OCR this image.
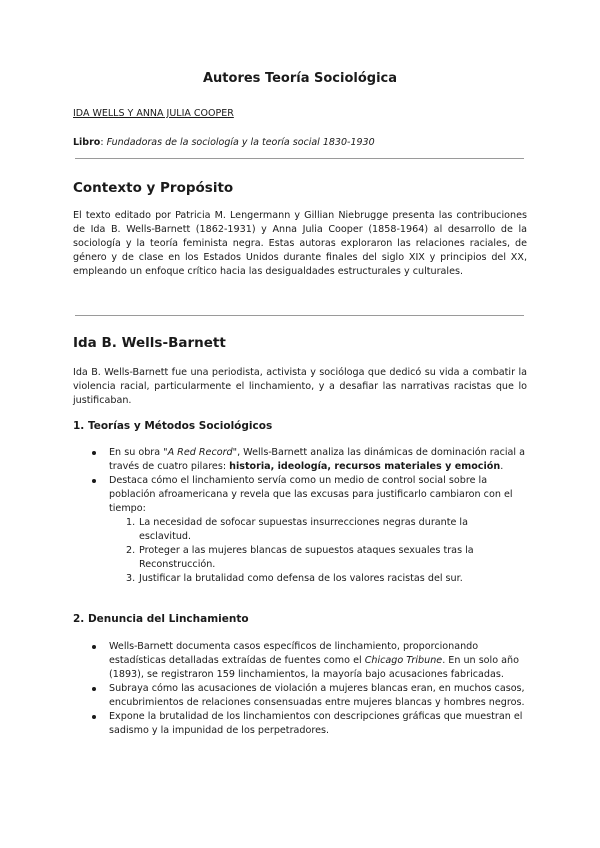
Autores Teoría Sociológica

IDA WELLS Y ANNA JULIA COOPER

Libro: Fundadoras de la sociología y la teoría social 1830-1930

Contexto y Propósito

El texto editado por Patricia M. Lengermann y Gillian Niebrugge presenta las contribuciones de Ida B. Wells-Barnett (1862-1931) y Anna Julia Cooper (1858-1964) al desarrollo de la sociología y la teoría feminista negra. Estas autoras exploraron las relaciones raciales, de género y de clase en los Estados Unidos durante finales del siglo XIX y principios del XX, empleando un enfoque crítico hacia las desigualdades estructurales y culturales.

Ida B. Wells-Barnett

Ida B. Wells-Barnett fue una periodista, activista y socióloga que dedicó su vida a combatir la violencia racial, particularmente el linchamiento, y a desafiar las narrativas racistas que lo justificaban.

1. Teorías y Métodos Sociológicos
En su obra "A Red Record", Wells-Barnett analiza las dinámicas de dominación racial a través de cuatro pilares: historia, ideología, recursos materiales y emoción.
Destaca cómo el linchamiento servía como un medio de control social sobre la población afroamericana y revela que las excusas para justificarlo cambiaron con el tiempo:
1. La necesidad de sofocar supuestas insurrecciones negras durante la esclavitud.
2. Proteger a las mujeres blancas de supuestos ataques sexuales tras la Reconstrucción.
3. Justificar la brutalidad como defensa de los valores racistas del sur.
2. Denuncia del Linchamiento
Wells-Barnett documenta casos específicos de linchamiento, proporcionando estadísticas detalladas extraídas de fuentes como el Chicago Tribune. En un solo año (1893), se registraron 159 linchamientos, la mayoría bajo acusaciones fabricadas.
Subraya cómo las acusaciones de violación a mujeres blancas eran, en muchos casos, encubrimientos de relaciones consensuadas entre mujeres blancas y hombres negros.
Expone la brutalidad de los linchamientos con descripciones gráficas que muestran el sadismo y la impunidad de los perpetradores.
